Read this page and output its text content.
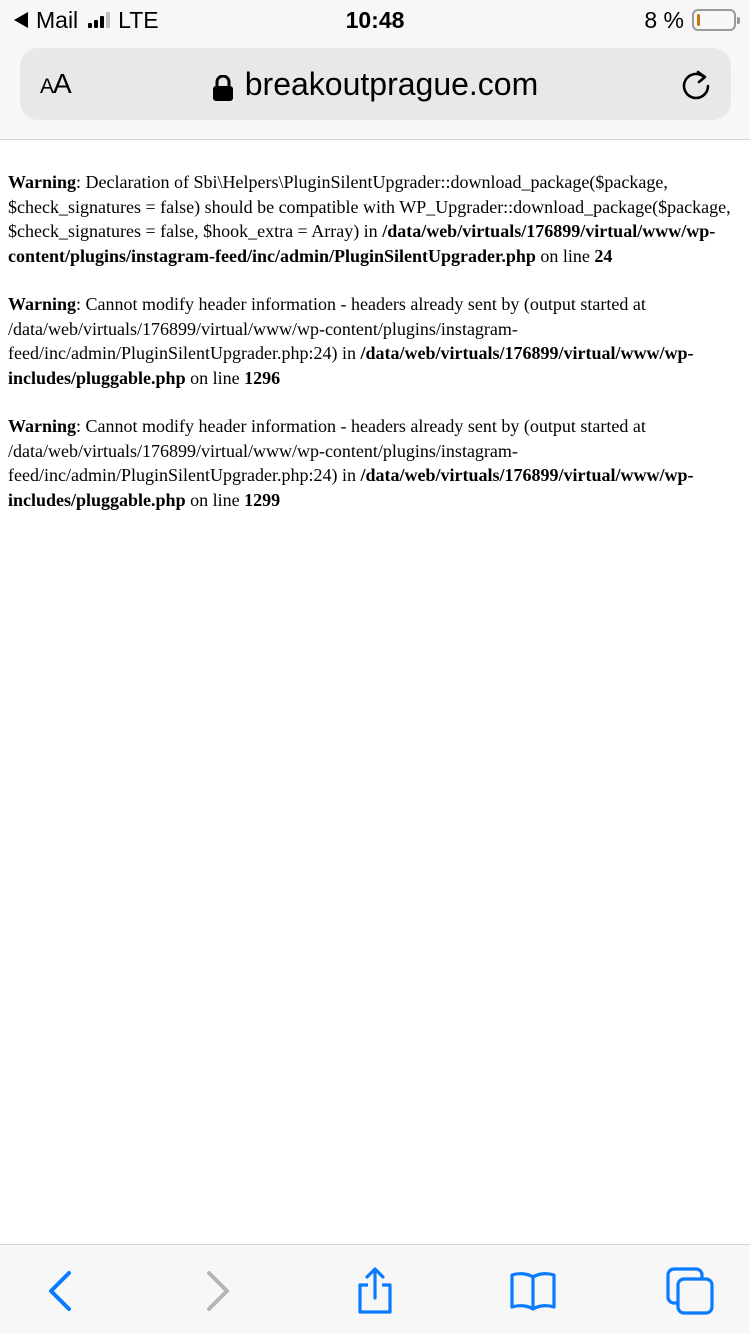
Mail LTE	10:48	8 %
AA	breakoutprague.com
Warning: Declaration of Sbi\Helpers\PluginSilentUpgrader::download_package($package, $check_signatures = false) should be compatible with WP_Upgrader::download_package($package, $check_signatures = false, $hook_extra = Array) in /data/web/virtuals/176899/virtual/www/wp-content/plugins/instagram-feed/inc/admin/PluginSilentUpgrader.php on line 24
Warning: Cannot modify header information - headers already sent by (output started at /data/web/virtuals/176899/virtual/www/wp-content/plugins/instagram-feed/inc/admin/PluginSilentUpgrader.php:24) in /data/web/virtuals/176899/virtual/www/wp-includes/pluggable.php on line 1296
Warning: Cannot modify header information - headers already sent by (output started at /data/web/virtuals/176899/virtual/www/wp-content/plugins/instagram-feed/inc/admin/PluginSilentUpgrader.php:24) in /data/web/virtuals/176899/virtual/www/wp-includes/pluggable.php on line 1299
